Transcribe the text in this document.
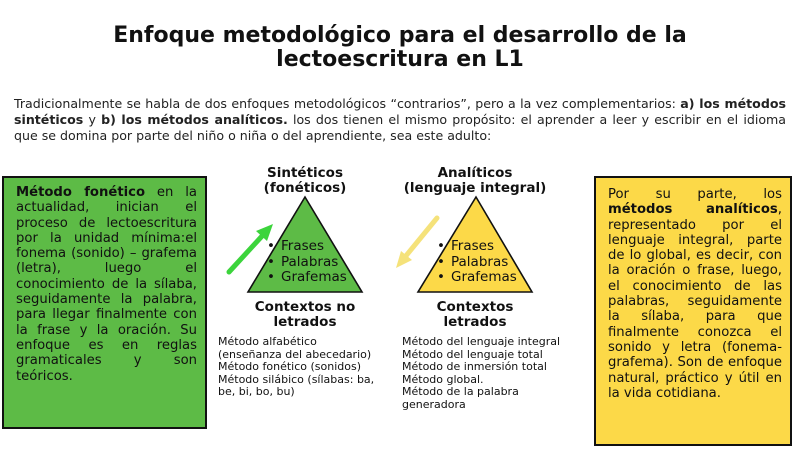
Enfoque metodológico para el desarrollo de la
lectoescritura en L1
Tradicionalmente se habla de dos enfoques metodológicos “contrarios”, pero a la vez complementarios: a) los métodos sintéticos y b) los métodos analíticos. los dos tienen el mismo propósito: el aprender a leer y escribir en el idioma que se domina por parte del niño o niña o del aprendiente, sea este adulto:
Método fonético en la actualidad, inician el proceso de lectoescritura por la unidad mínima:el fonema (sonido) – grafema (letra), luego el conocimiento de la sílaba, seguidamente la palabra, para llegar finalmente con la frase y la oración. Su enfoque es en reglas gramaticales y son teóricos.
Por su parte, los métodos analíticos, representado por el lenguaje integral, parte de lo global, es decir, con la oración o frase, luego, el conocimiento de las palabras, seguidamente la sílaba, para que finalmente conozca el sonido y letra (fonema-grafema). Son de enfoque natural, práctico y útil en la vida cotidiana.
Sintéticos
(fonéticos)
• Frases
• Palabras
• Grafemas
Contextos no
letrados
Método alfabético
(enseñanza del abecedario)
Método fonético (sonidos)
Método silábico (sílabas: ba,
be, bi, bo, bu)
Analíticos
(lenguaje integral)
• Frases
• Palabras
• Grafemas
Contextos
letrados
Método del lenguaje integral
Método del lenguaje total
Método de inmersión total
Método global.
Método de la palabra
generadora
